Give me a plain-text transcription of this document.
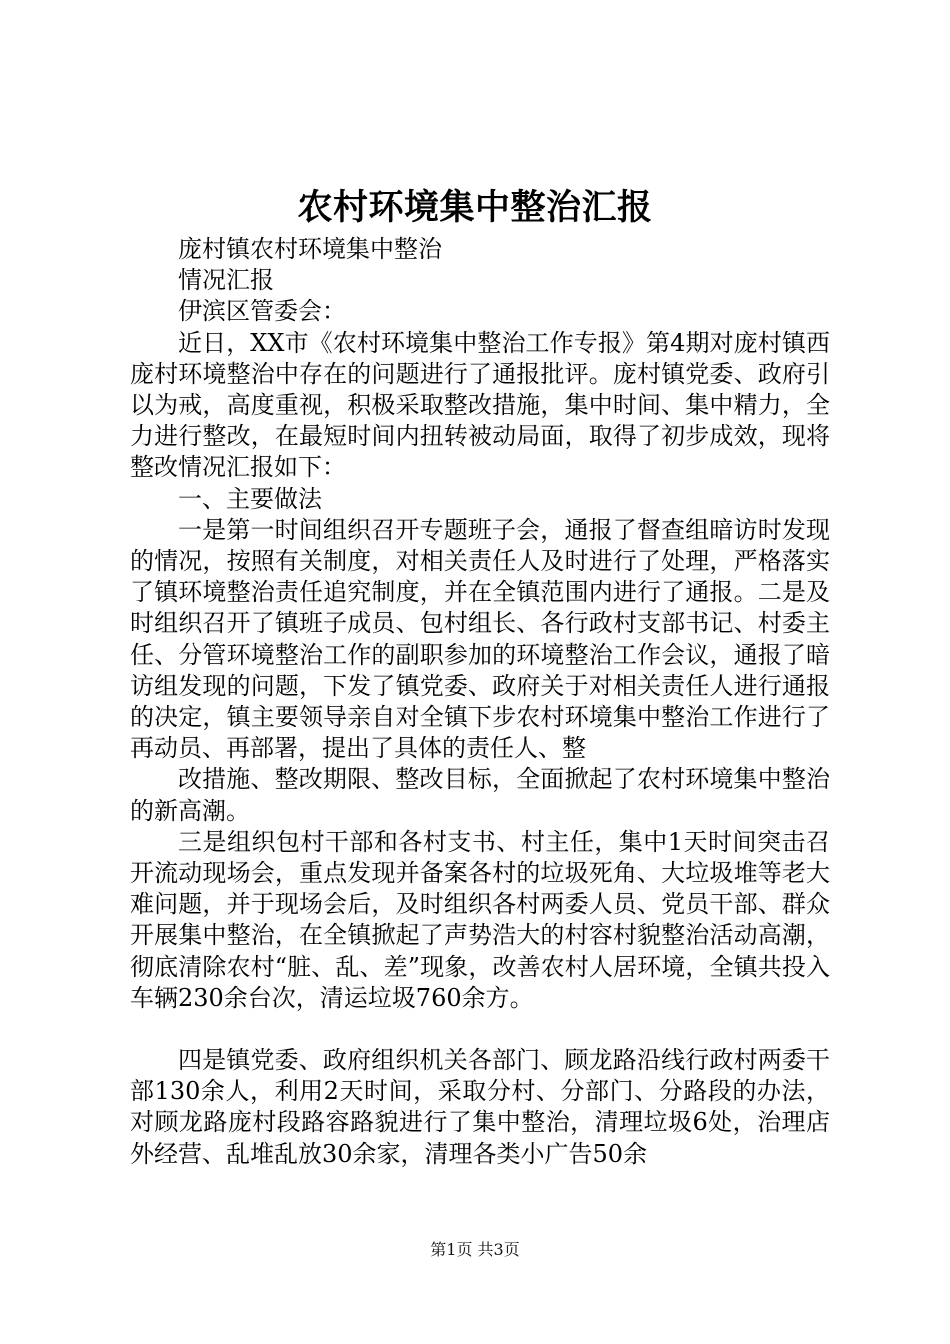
农村环境集中整治汇报

庞村镇农村环境集中整治

情况汇报

伊滨区管委会：

近日，XX市《农村环境集中整治工作专报》第4期对庞村镇西庞村环境整治中存在的问题进行了通报批评。庞村镇党委、政府引以为戒，高度重视，积极采取整改措施，集中时间、集中精力，全力进行整改，在最短时间内扭转被动局面，取得了初步成效，现将整改情况汇报如下：

一、主要做法

一是第一时间组织召开专题班子会，通报了督查组暗访时发现的情况，按照有关制度，对相关责任人及时进行了处理，严格落实了镇环境整治责任追究制度，并在全镇范围内进行了通报。二是及时组织召开了镇班子成员、包村组长、各行政村支部书记、村委主任、分管环境整治工作的副职参加的环境整治工作会议，通报了暗访组发现的问题，下发了镇党委、政府关于对相关责任人进行通报的决定，镇主要领导亲自对全镇下步农村环境集中整治工作进行了再动员、再部署，提出了具体的责任人、整

改措施、整改期限、整改目标，全面掀起了农村环境集中整治的新高潮。

三是组织包村干部和各村支书、村主任，集中1天时间突击召开流动现场会，重点发现并备案各村的垃圾死角、大垃圾堆等老大难问题，并于现场会后，及时组织各村两委人员、党员干部、群众开展集中整治，在全镇掀起了声势浩大的村容村貌整治活动高潮，彻底清除农村“脏、乱、差”现象，改善农村人居环境，全镇共投入车辆230余台次，清运垃圾760余方。

四是镇党委、政府组织机关各部门、顾龙路沿线行政村两委干部130余人，利用2天时间，采取分村、分部门、分路段的办法，对顾龙路庞村段路容路貌进行了集中整治，清理垃圾6处，治理店外经营、乱堆乱放30余家，清理各类小广告50余

第1页 共3页
